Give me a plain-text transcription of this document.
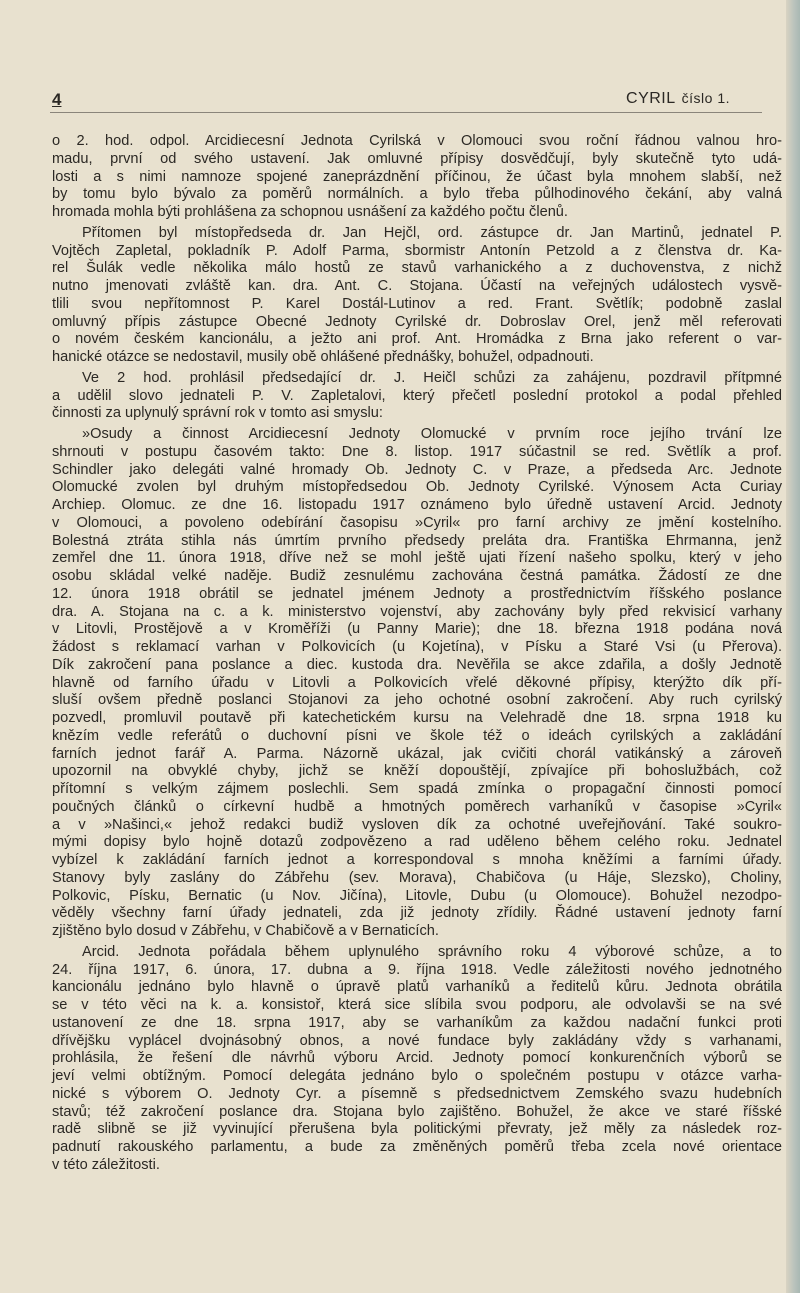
4	CYRIL číslo 1.
o 2. hod. odpol. Arcidiecesní Jednota Cyrilská v Olomouci svou roční řádnou valnou hro-
madu, první od svého ustavení. Jak omluvné přípisy dosvědčují, byly skutečně tyto udá-
losti a s nimi namnoze spojené zaneprázdnění příčinou, že účast byla mnohem slabší, než
by tomu bylo bývalo za poměrů normálních. a bylo třeba půlhodinového čekání, aby valná
hromada mohla býti prohlášena za schopnou usnášení za každého počtu členů.
Přítomen byl místopředseda dr. Jan Hejčl, ord. zástupce dr. Jan Martinů, jednatel P.
Vojtěch Zapletal, pokladník P. Adolf Parma, sbormistr Antonín Petzold a z členstva dr. Ka-
rel Šulák vedle několika málo hostů ze stavů varhanického a z duchovenstva, z nichž
nutno jmenovati zvláště kan. dra. Ant. C. Stojana. Účastí na veřejných událostech vysvě-
tlili svou nepřítomnost P. Karel Dostál-Lutinov a red. Frant. Světlík; podobně zaslal
omluvný přípis zástupce Obecné Jednoty Cyrilské dr. Dobroslav Orel, jenž měl referovati
o novém českém kancionálu, a ježto ani prof. Ant. Hromádka z Brna jako referent o var-
hanické otázce se nedostavil, musily obě ohlášené přednášky, bohužel, odpadnouti.
Ve 2 hod. prohlásil předsedající dr. J. Heičl schůzi za zahájenu, pozdravil přítpmné
a udělil slovo jednateli P. V. Zapletalovi, který přečetl poslední protokol a podal přehled
činnosti za uplynulý správní rok v tomto asi smyslu:
»Osudy a činnost Arcidiecesní Jednoty Olomucké v prvním roce jejího trvání lze
shrnouti v postupu časovém takto: Dne 8. listop. 1917 súčastnil se red. Světlík a prof.
Schindler jako delegáti valné hromady Ob. Jednoty C. v Praze, a předseda Arc. Jednote
Olomucké zvolen byl druhým místopředsedou Ob. Jednoty Cyrilské. Výnosem Acta Curiay
Archiep. Olomuc. ze dne 16. listopadu 1917 oznámeno bylo úředně ustavení Arcid. Jednoty
v Olomouci, a povoleno odebírání časopisu »Cyril« pro farní archivy ze jmění kostelního.
Bolestná ztráta stihla nás úmrtím prvního předsedy preláta dra. Františka Ehrmanna, jenž
zemřel dne 11. února 1918, dříve než se mohl ještě ujati řízení našeho spolku, který v jeho
osobu skládal velké naděje. Budiž zesnulému zachována čestná památka. Žádostí ze dne
12. února 1918 obrátil se jednatel jménem Jednoty a prostřednictvím říšského poslance
dra. A. Stojana na c. a k. ministerstvo vojenství, aby zachovány byly před rekvisicí varhany
v Litovli, Prostějově a v Kroměříži (u Panny Marie); dne 18. března 1918 podána nová
žádost s reklamací varhan v Polkovicích (u Kojetína), v Písku a Staré Vsi (u Přerova).
Dík zakročení pana poslance a diec. kustoda dra. Nevěřila se akce zdařila, a došly Jednotě
hlavně od farního úřadu v Litovli a Polkovicích vřelé děkovné přípisy, kterýžto dík pří-
sluší ovšem předně poslanci Stojanovi za jeho ochotné osobní zakročení. Aby ruch cyrilský
pozvedl, promluvil poutavě při katechetickém kursu na Velehradě dne 18. srpna 1918 ku
knězím vedle referátů o duchovní písni ve škole též o ideách cyrilských a zakládání
farních jednot farář A. Parma. Názorně ukázal, jak cvičiti chorál vatikánský a zároveň
upozornil na obvyklé chyby, jichž se kněží dopouštějí, zpívajíce při bohoslužbách, což
přítomní s velkým zájmem poslechli. Sem spadá zmínka o propagační činnosti pomocí
poučných článků o církevní hudbě a hmotných poměrech varhaníků v časopise »Cyril«
a v »Našinci,« jehož redakci budiž vysloven dík za ochotné uveřejňování. Také soukro-
mými dopisy bylo hojně dotazů zodpovězeno a rad uděleno během celého roku. Jednatel
vybízel k zakládání farních jednot a korrespondoval s mnoha kněžími a farními úřady.
Stanovy byly zaslány do Zábřehu (sev. Morava), Chabičova (u Háje, Slezsko), Choliny,
Polkovic, Písku, Bernatic (u Nov. Jičína), Litovle, Dubu (u Olomouce). Bohužel nezodpo-
věděly všechny farní úřady jednateli, zda již jednoty zřídily. Řádné ustavení jednoty farní
zjištěno bylo dosud v Zábřehu, v Chabičově a v Bernaticích.
Arcid. Jednota pořádala během uplynulého správního roku 4 výborové schůze, a to
24. října 1917, 6. února, 17. dubna a 9. října 1918. Vedle záležitosti nového jednotného
kancionálu jednáno bylo hlavně o úpravě platů varhaníků a ředitelů kůru. Jednota obrátila
se v této věci na k. a. konsistoř, která sice slíbila svou podporu, ale odvolavši se na své
ustanovení ze dne 18. srpna 1917, aby se varhaníkům za každou nadační funkci proti
dřívějšku vyplácel dvojnásobný obnos, a nové fundace byly zakládány vždy s varhanami,
prohlásila, že řešení dle návrhů výboru Arcid. Jednoty pomocí konkurenčních výborů se
jeví velmi obtížným. Pomocí delegáta jednáno bylo o společném postupu v otázce varha-
nické s výborem O. Jednoty Cyr. a písemně s předsednictvem Zemského svazu hudebních
stavů; též zakročení poslance dra. Stojana bylo zajištěno. Bohužel, že akce ve staré říšské
radě slibně se již vyvinující přerušena byla politickými převraty, jež měly za následek roz-
padnutí rakouského parlamentu, a bude za změněných poměrů třeba zcela nové orientace
v této záležitosti.
